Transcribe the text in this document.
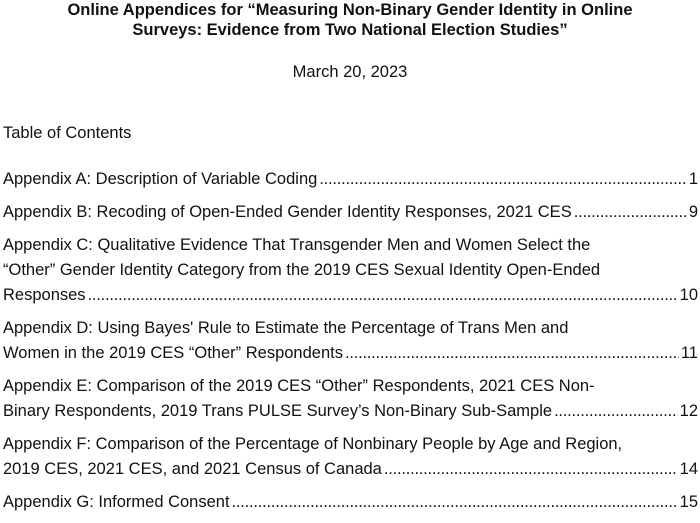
Online Appendices for “Measuring Non-Binary Gender Identity in Online
Surveys: Evidence from Two National Election Studies”

March 20, 2023

Table of Contents
Appendix A: Description of Variable Coding . . .	1
Appendix B: Recoding of Open-Ended Gender Identity Responses, 2021 CES . . .	9
Appendix C: Qualitative Evidence That Transgender Men and Women Select the
“Other” Gender Identity Category from the 2019 CES Sexual Identity Open-Ended
Responses . . .	10
Appendix D: Using Bayes' Rule to Estimate the Percentage of Trans Men and
Women in the 2019 CES “Other” Respondents . . .	11
Appendix E: Comparison of the 2019 CES “Other” Respondents, 2021 CES Non-
Binary Respondents, 2019 Trans PULSE Survey’s Non-Binary Sub-Sample . . .	12
Appendix F: Comparison of the Percentage of Nonbinary People by Age and Region,
2019 CES, 2021 CES, and 2021 Census of Canada . . .	14
Appendix G: Informed Consent . . .	15
